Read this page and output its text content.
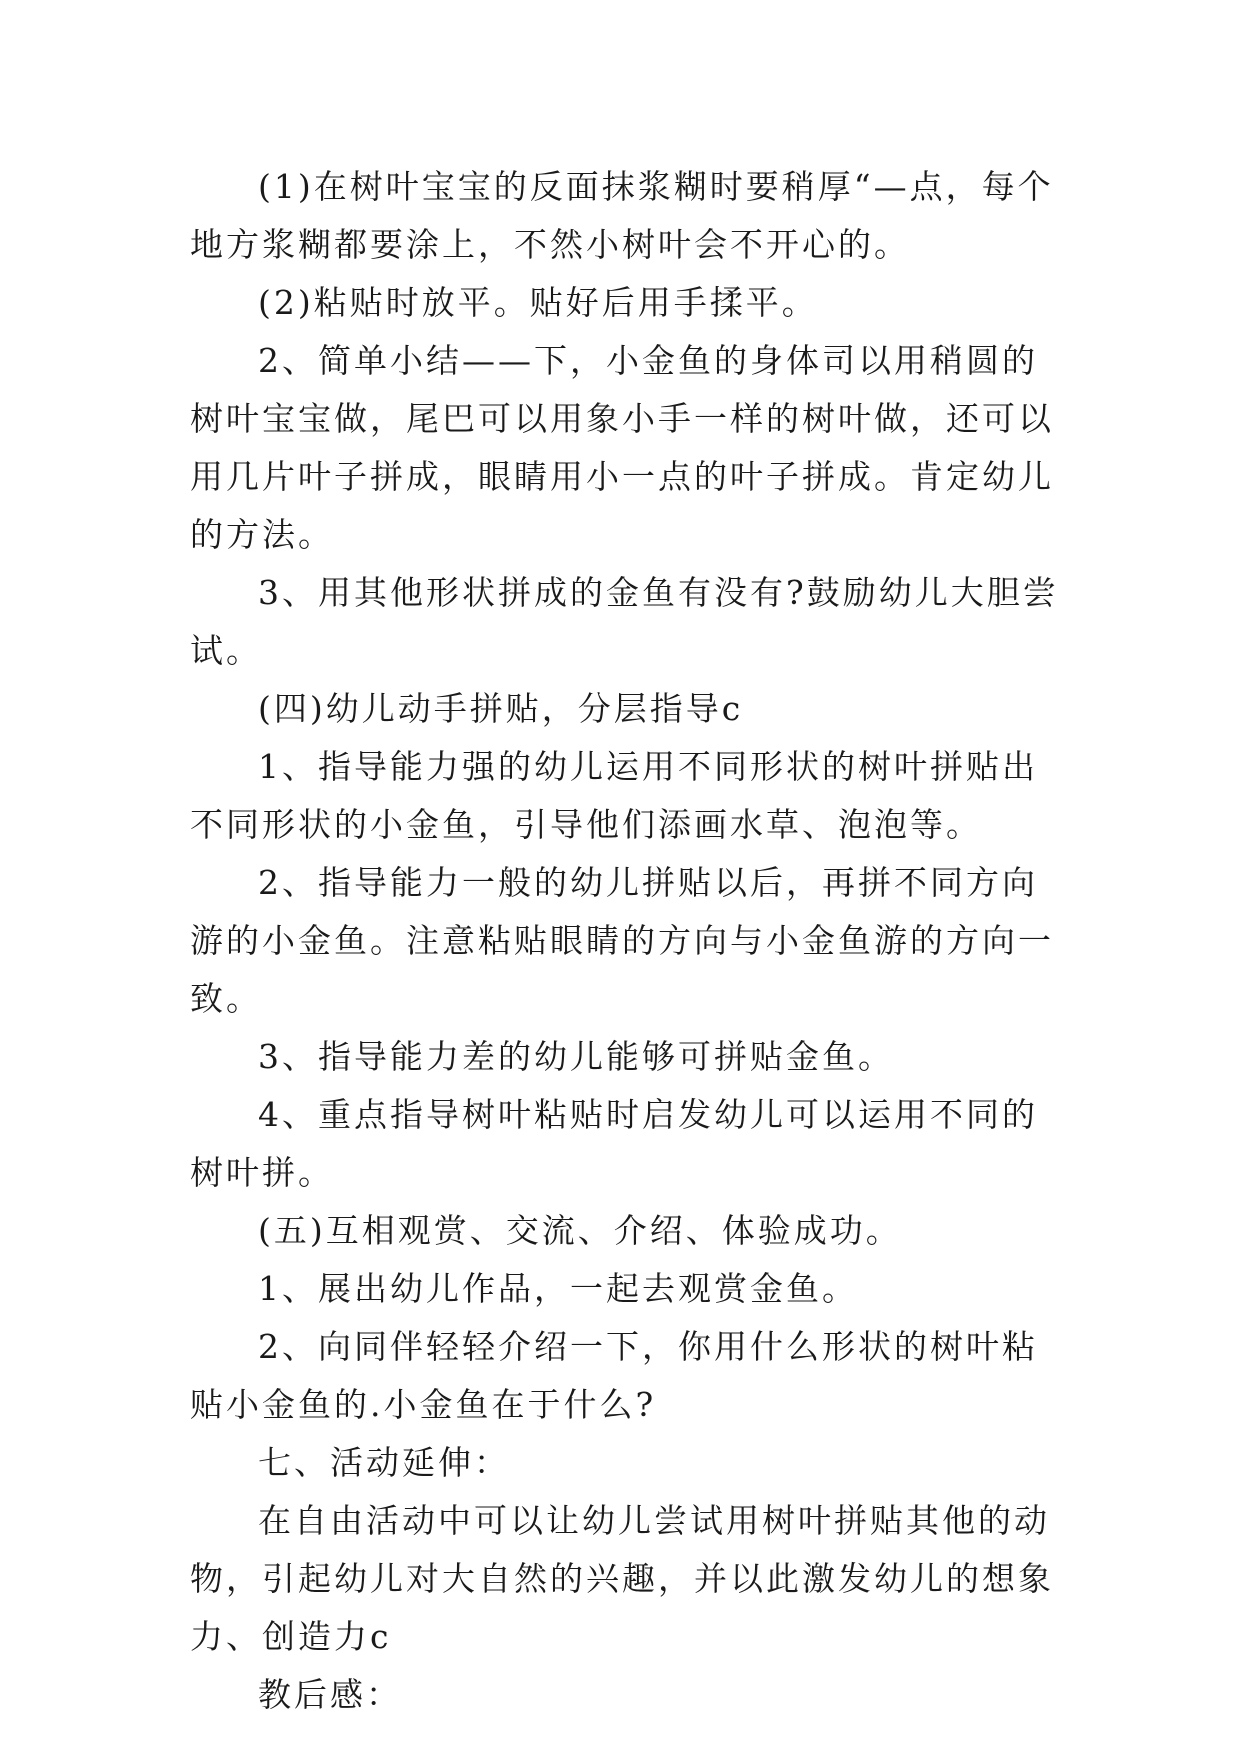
(1)在树叶宝宝的反面抹浆糊时要稍厚“—点，每个地方浆糊都要涂上，不然小树叶会不开心的。

(2)粘贴时放平。贴好后用手揉平。

2、简单小结——下，小金鱼的身体司以用稍圆的树叶宝宝做，尾巴可以用象小手一样的树叶做，还可以用几片叶子拼成，眼睛用小一点的叶子拼成。肯定幼儿的方法。

3、用其他形状拼成的金鱼有没有?鼓励幼儿大胆尝试。

(四)幼儿动手拼贴，分层指导c

1、指导能力强的幼儿运用不同形状的树叶拼贴出不同形状的小金鱼，引导他们添画水草、泡泡等。

2、指导能力一般的幼儿拼贴以后，再拼不同方向游的小金鱼。注意粘贴眼睛的方向与小金鱼游的方向一致。

3、指导能力差的幼儿能够可拼贴金鱼。

4、重点指导树叶粘贴时启发幼儿可以运用不同的树叶拼。

(五)互相观赏、交流、介绍、体验成功。

1、展出幼儿作品，一起去观赏金鱼。

2、向同伴轻轻介绍一下，你用什么形状的树叶粘贴小金鱼的.小金鱼在于什么?

七、活动延伸：

在自由活动中可以让幼儿尝试用树叶拼贴其他的动物，引起幼儿对大自然的兴趣，并以此激发幼儿的想象力、创造力c

教后感：
